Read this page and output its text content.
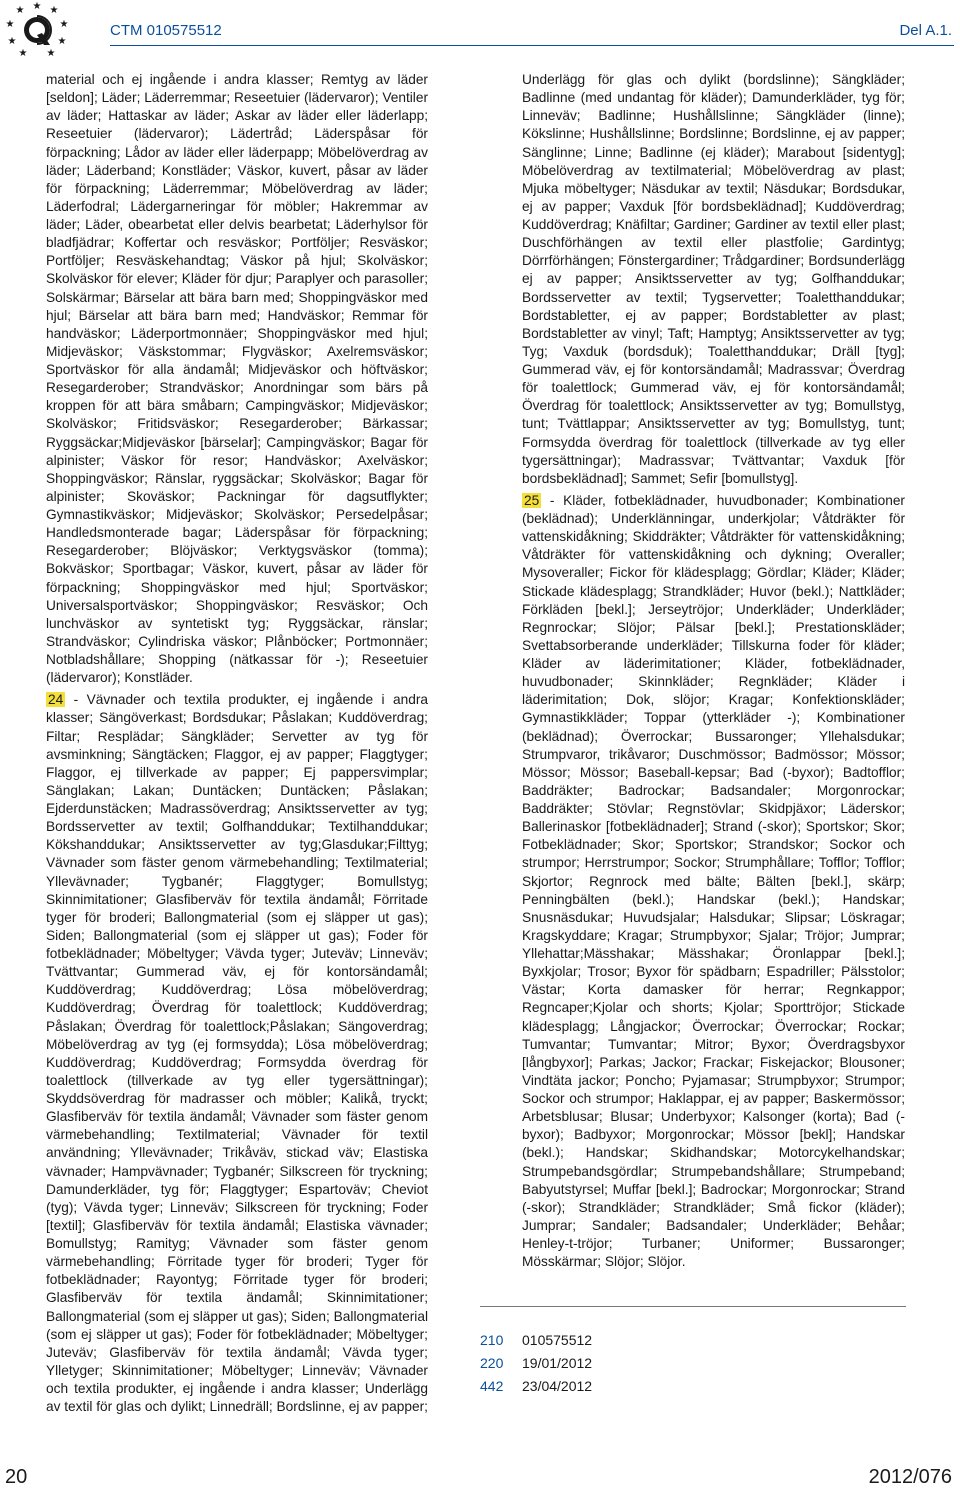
★ ★
★
★
★
★
★
★
★
CTM 010575512	Del A.1.

material och ej ingående i andra klasser; Remtyg av läder [seldon]; Läder; Läderremmar; Reseetuier (lädervaror); Ventiler av läder; Hattaskar av läder; Askar av läder eller läderlapp; Reseetuier (lädervaror); Lädertråd; Läderspåsar för förpackning; Lådor av läder eller läderpapp; Möbelöverdrag av läder; Läderband; Konstläder; Väskor, kuvert, påsar av läder för förpackning; Läderremmar; Möbelöverdrag av läder; Läderfodral; Lädergarneringar för möbler; Hakremmar av läder; Läder, obearbetat eller delvis bearbetat; Läderhylsor för bladfjädrar; Koffertar och resväskor; Portföljer; Resväskor; Portföljer; Resväskehandtag; Väskor på hjul; Skolväskor; Skolväskor för elever; Kläder för djur; Paraplyer och parasoller; Solskärmar; Bärselar att bära barn med; Shoppingväskor med hjul; Bärselar att bära barn med; Handväskor; Remmar för handväskor; Läderportmonnäer; Shoppingväskor med hjul; Midjeväskor; Väskstommar; Flygväskor; Axelremsväskor; Sportväskor för alla ändamål; Midjeväskor och höftväskor; Resegarderober; Strandväskor; Anordningar som bärs på kroppen för att bära småbarn; Campingväskor; Midjeväskor; Skolväskor; Fritidsväskor; Resegarderober; Bärkassar; Ryggsäckar;Midjeväskor [bärselar]; Campingväskor; Bagar för alpinister; Väskor för resor; Handväskor; Axelväskor; Shoppingväskor; Ränslar, ryggsäckar; Skolväskor; Bagar för alpinister; Skoväskor; Packningar för dagsutflykter; Gymnastikväskor; Midjeväskor; Skolväskor; Persedelpåsar; Handledsmonterade bagar; Läderspåsar för förpackning; Resegarderober; Blöjväskor; Verktygsväskor (tomma); Bokväskor; Sportbagar; Väskor, kuvert, påsar av läder för förpackning; Shoppingväskor med hjul; Sportväskor; Universalsportväskor; Shoppingväskor; Resväskor; Och lunchväskor av syntetiskt tyg; Ryggsäckar, ränslar; Strandväskor; Cylindriska väskor; Plånböcker; Portmonnäer; Notbladshållare; Shopping (nätkassar för -); Reseetuier (lädervaror); Konstläder.

24 - Vävnader och textila produkter, ej ingående i andra klasser; Sängöverkast; Bordsdukar; Påslakan; Kuddöverdrag; Filtar; Resplädar; Sängkläder; Servetter av tyg för avsminkning; Sängtäcken; Flaggor, ej av papper; Flaggtyger; Flaggor, ej tillverkade av papper; Ej pappersvimplar; Sänglakan; Lakan; Duntäcken; Duntäcken; Påslakan; Ejderdunstäcken; Madrassöverdrag; Ansiktsservetter av tyg; Bordsservetter av textil; Golfhanddukar; Textilhanddukar; Kökshanddukar; Ansiktsservetter av tyg;Glasdukar;Filttyg; Vävnader som fäster genom värmebehandling; Textilmaterial; Yllevävnader; Tygbanér; Flaggtyger; Bomullstyg; Skinnimitationer; Glasfiberväv för textila ändamål; Förritade tyger för broderi; Ballongmaterial (som ej släpper ut gas); Siden; Ballongmaterial (som ej släpper ut gas); Foder för fotbeklädnader; Möbeltyger; Vävda tyger; Juteväv; Linneväv; Tvättvantar; Gummerad väv, ej för kontorsändamål; Kuddöverdrag; Kuddöverdrag; Lösa möbelöverdrag; Kuddöverdrag; Överdrag för toalettlock; Kuddöverdrag; Påslakan; Överdrag för toalettlock;Påslakan; Sängoverdrag; Möbelöverdrag av tyg (ej formsydda); Lösa möbelöverdrag; Kuddöverdrag; Kuddöverdrag; Formsydda överdrag för toalettlock (tillverkade av tyg eller tygersättningar); Skyddsöverdrag för madrasser och möbler; Kalikå, tryckt; Glasfiberväv för textila ändamål; Vävnader som fäster genom värmebehandling; Textilmaterial; Vävnader för textil användning; Yllevävnader; Trikåväv, stickad väv; Elastiska vävnader; Hampvävnader; Tygbanér; Silkscreen för tryckning; Damunderkläder, tyg för; Flaggtyger; Espartoväv; Cheviot (tyg); Vävda tyger; Linneväv; Silkscreen för tryckning; Foder [textil]; Glasfiberväv för textila ändamål; Elastiska vävnader; Bomullstyg; Ramityg; Vävnader som fäster genom värmebehandling; Förritade tyger för broderi; Tyger för fotbeklädnader; Rayontyg; Förritade tyger för broderi; Glasfiberväv för textila ändamål; Skinnimitationer; Ballongmaterial (som ej släpper ut gas); Siden; Ballongmaterial (som ej släpper ut gas); Foder för fotbeklädnader; Möbeltyger; Juteväv; Glasfiberväv för textila ändamål; Vävda tyger; Ylletyger; Skinnimitationer; Möbeltyger; Linneväv; Vävnader och textila produkter, ej ingående i andra klasser; Underlägg av textil för glas och dylikt; Linnedräll; Bordslinne, ej av papper;

Underlägg för glas och dylikt (bordslinne); Sängkläder; Badlinne (med undantag för kläder); Damunderkläder, tyg för; Linneväv; Badlinne; Hushållslinne; Sängkläder (linne); Kökslinne; Hushållslinne; Bordslinne; Bordslinne, ej av papper; Sänglinne; Linne; Badlinne (ej kläder); Marabout [sidentyg]; Möbelöverdrag av textilmaterial; Möbelöverdrag av plast; Mjuka möbeltyger; Näsdukar av textil; Näsdukar; Bordsdukar, ej av papper; Vaxduk [för bordsbeklädnad]; Kuddöverdrag; Kuddöverdrag; Knäfiltar; Gardiner; Gardiner av textil eller plast; Duschförhängen av textil eller plastfolie; Gardintyg; Dörrförhängen; Fönstergardiner; Trådgardiner; Bordsunderlägg ej av papper; Ansiktsservetter av tyg; Golfhanddukar; Bordsservetter av textil; Tygservetter; Toaletthanddukar; Bordstabletter, ej av papper; Bordstabletter av plast; Bordstabletter av vinyl; Taft; Hamptyg; Ansiktsservetter av tyg; Tyg; Vaxduk (bordsduk); Toaletthanddukar; Dräll [tyg]; Gummerad väv, ej för kontorsändamål; Madrassvar; Överdrag för toalettlock; Gummerad väv, ej för kontorsändamål; Överdrag för toalettlock; Ansiktsservetter av tyg; Bomullstyg, tunt; Tvättlappar; Ansiktsservetter av tyg; Bomullstyg, tunt; Formsydda överdrag för toalettlock (tillverkade av tyg eller tygersättningar); Madrassvar; Tvättvantar; Vaxduk [för bordsbeklädnad]; Sammet; Sefir [bomullstyg].

25 - Kläder, fotbeklädnader, huvudbonader; Kombinationer (beklädnad); Underklänningar, underkjolar; Våtdräkter för vattenskidåkning; Skiddräkter; Våtdräkter för vattenskidåkning; Våtdräkter för vattenskidåkning och dykning; Overaller; Mysoveraller; Fickor för klädesplagg; Gördlar; Kläder; Kläder; Stickade klädesplagg; Strandkläder; Huvor (bekl.); Nattkläder; Förkläden [bekl.]; Jerseytröjor; Underkläder; Underkläder; Regnrockar; Slöjor; Pälsar [bekl.]; Prestationskläder; Svettabsorberande underkläder; Tillskurna foder för kläder; Kläder av läderimitationer; Kläder, fotbeklädnader, huvudbonader; Skinnkläder; Regnkläder; Kläder i läderimitation; Dok, slöjor; Kragar; Konfektionskläder; Gymnastikkläder; Toppar (ytterkläder -); Kombinationer (beklädnad); Överrockar; Bussaronger; Yllehalsdukar; Strumpvaror, trikåvaror; Duschmössor; Badmössor; Mössor; Mössor; Mössor; Baseball-kepsar; Bad (-byxor); Badtofflor; Baddräkter; Badrockar; Badsandaler; Morgonrockar; Baddräkter; Stövlar; Regnstövlar; Skidpjäxor; Läderskor; Ballerinaskor [fotbeklädnader]; Strand (-skor); Sportskor; Skor; Fotbeklädnader; Skor; Sportskor; Strandskor; Sockor och strumpor; Herrstrumpor; Sockor; Strumphållare; Tofflor; Tofflor; Skjortor; Regnrock med bälte; Bälten [bekl.], skärp; Penningbälten (bekl.); Handskar (bekl.); Handskar; Snusnäsdukar; Huvudsjalar; Halsdukar; Slipsar; Löskragar; Kragskyddare; Kragar; Strumpbyxor; Sjalar; Tröjor; Jumprar; Yllehattar;Mässhakar; Mässhakar; Öronlappar [bekl.]; Byxkjolar; Trosor; Byxor för spädbarn; Espadriller; Pälsstolor; Västar; Korta damasker för herrar; Regnkappor; Regncaper;Kjolar och shorts; Kjolar; Sporttröjor; Stickade klädesplagg; Långjackor; Överrockar; Överrockar; Rockar; Tumvantar; Tumvantar; Mitror; Byxor; Överdragsbyxor [långbyxor]; Parkas; Jackor; Frackar; Fiskejackor; Blousoner; Vindtäta jackor; Poncho; Pyjamasar; Strumpbyxor; Strumpor; Sockor och strumpor; Haklappar, ej av papper; Baskermössor; Arbetsblusar; Blusar; Underbyxor; Kalsonger (korta); Bad (-byxor); Badbyxor; Morgonrockar; Mössor [bekl]; Handskar (bekl.); Handskar; Skidhandskar; Motorcykelhandskar; Strumpebandsgördlar; Strumpebandshållare; Strumpeband; Babyutstyrsel; Muffar [bekl.]; Badrockar; Morgonrockar; Strand (-skor); Strandkläder; Strandkläder; Små fickor (kläder); Jumprar; Sandaler; Badsandaler; Underkläder; Behåar; Henley-t-tröjor; Turbaner; Uniformer; Bussaronger; Mösskärmar; Slöjor; Slöjor.

210	010575512
220	19/01/2012
442	23/04/2012
20	2012/076
